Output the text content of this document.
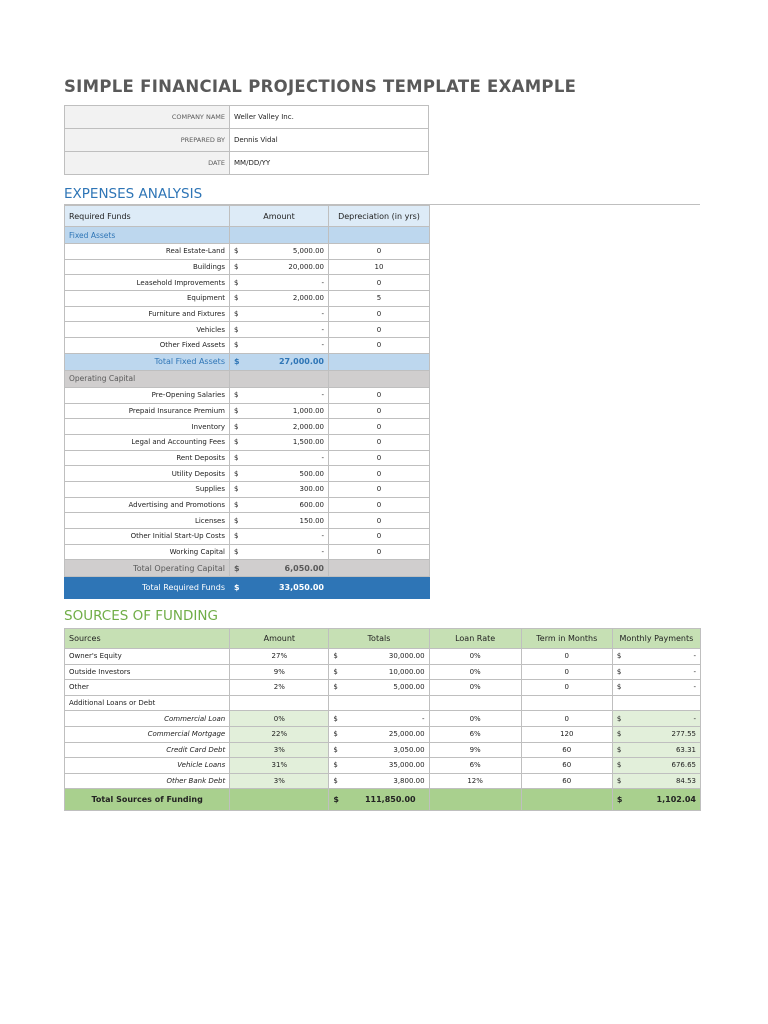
SIMPLE FINANCIAL PROJECTIONS TEMPLATE EXAMPLE
COMPANY NAME	Weller Valley Inc.
PREPARED BY	Dennis Vidal
DATE	MM/DD/YY
EXPENSES ANALYSIS
Required Funds	Amount	Depreciation (in yrs)
Fixed Assets		
Real Estate-Land	$ 5,000.00	0
Buildings	$ 20,000.00	10
Leasehold Improvements	$ -	0
Equipment	$ 2,000.00	5
Furniture and Fixtures	$ -	0
Vehicles	$ -	0
Other Fixed Assets	$ -	0
Total Fixed Assets	$ 27,000.00	

Operating Capital		
Pre-Opening Salaries	$ -	0
Prepaid Insurance Premium	$ 1,000.00	0
Inventory	$ 2,000.00	0
Legal and Accounting Fees	$ 1,500.00	0
Rent Deposits	$ -	0
Utility Deposits	$ 500.00	0
Supplies	$ 300.00	0
Advertising and Promotions	$ 600.00	0
Licenses	$ 150.00	0
Other Initial Start-Up Costs	$ -	0
Working Capital	$ -	0
Total Operating Capital	$ 6,050.00	

Total Required Funds	$ 33,050.00	

SOURCES OF FUNDING
Sources	Amount	Totals	Loan Rate	Term in Months	Monthly Payments
Owner's Equity	27%	$ 30,000.00	0%	0	$ -

Outside Investors	9%	$ 10,000.00	0%	0	$ -

Other	2%	$ 5,000.00	0%	0	$ -

Additional Loans or Debt					
Commercial Loan	0%	$ -	0%	0	$ -

Commercial Mortgage	22%	$ 25,000.00	6%	120	$ 277.55

Credit Card Debt	3%	$ 3,050.00	9%	60	$ 63.31

Vehicle Loans	31%	$ 35,000.00	6%	60	$ 676.65

Other Bank Debt	3%	$ 3,800.00	12%	60	$ 84.53

Total Sources of Funding		$ 111,850.00			$ 1,102.04
